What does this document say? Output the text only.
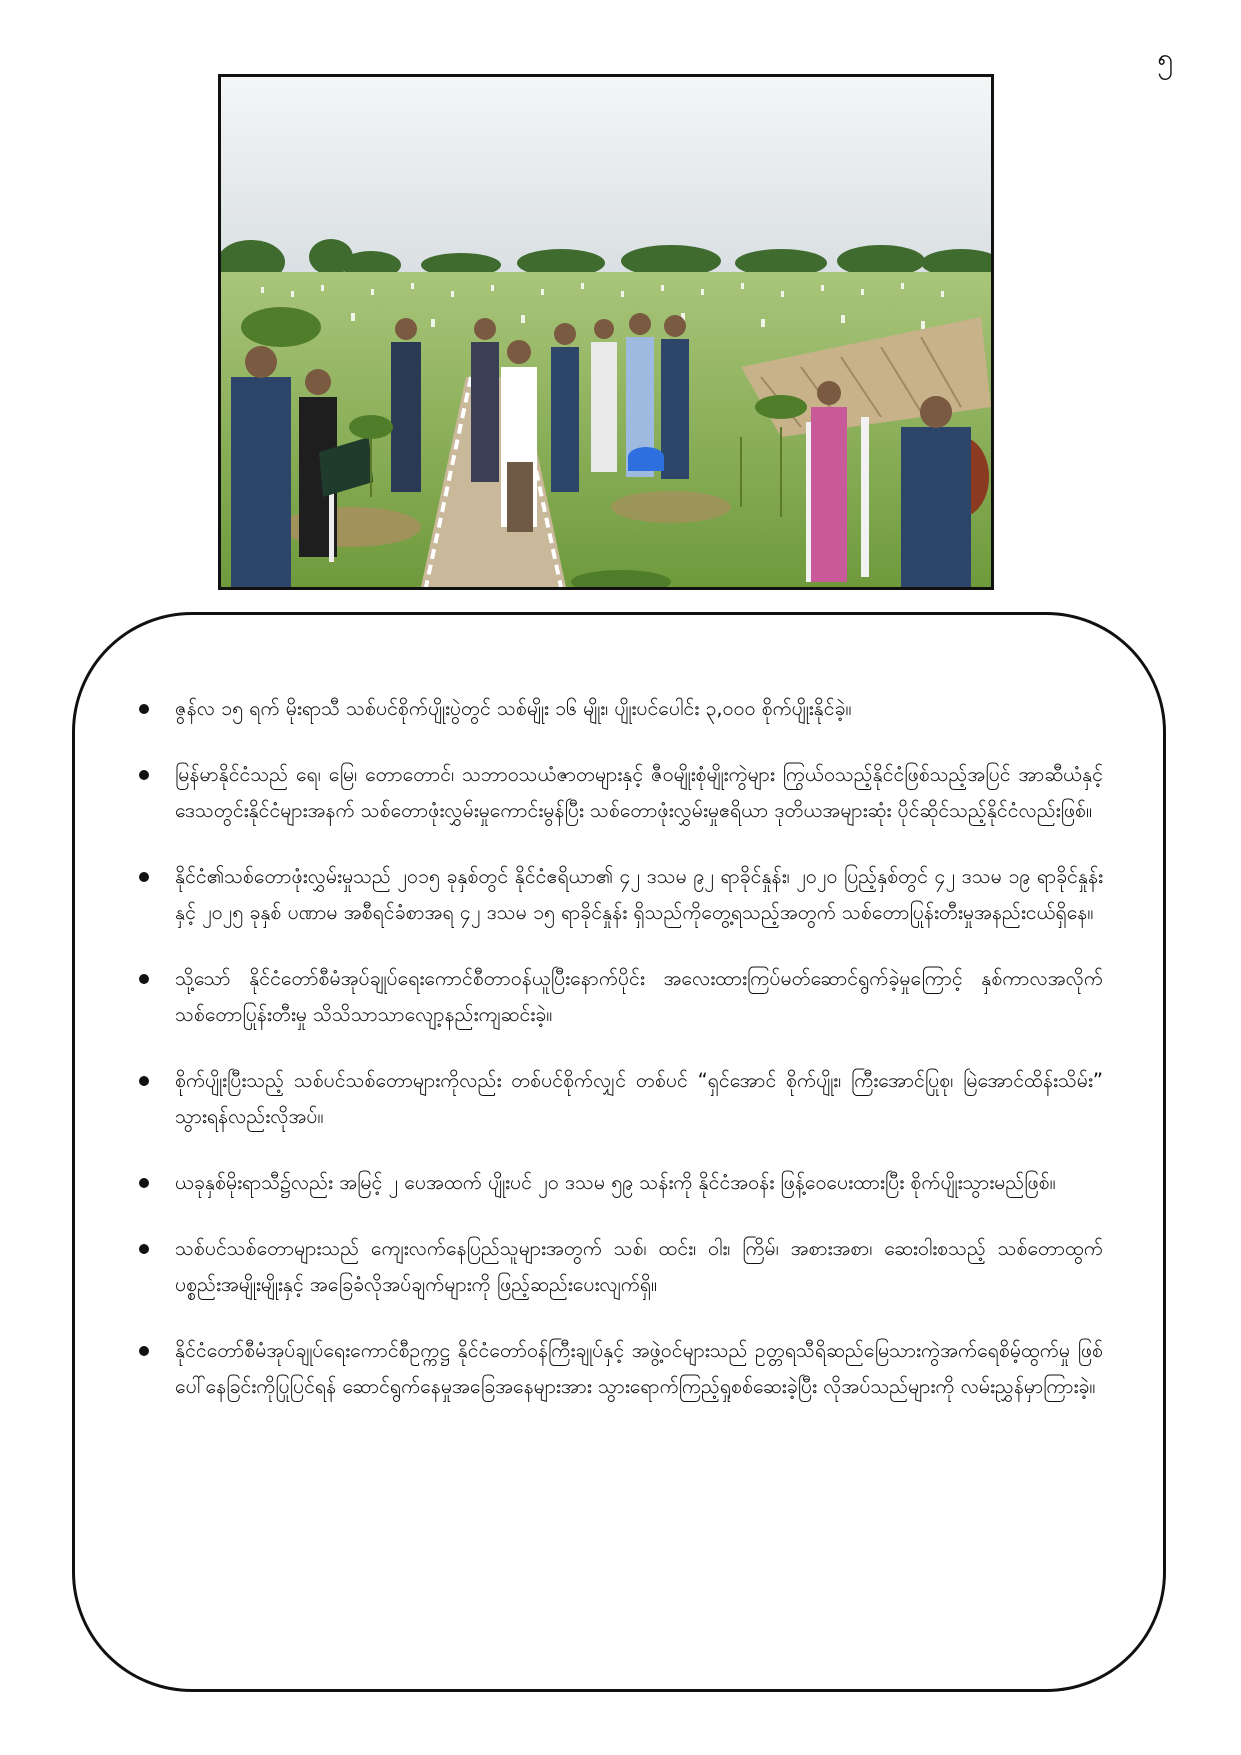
၅
ဇွန်လ ၁၅ ရက် မိုးရာသီ သစ်ပင်စိုက်ပျိုးပွဲတွင် သစ်မျိုး ၁၆ မျိုး၊ ပျိုးပင်ပေါင်း ၃,၀၀၀ စိုက်ပျိုးနိုင်ခဲ့။
မြန်မာနိုင်ငံသည် ရေ၊ မြေ၊ တောတောင်၊ သဘာဝသယံဇာတများနှင့် ဇီဝမျိုးစုံမျိုးကွဲများ ကြွယ်ဝသည့်နိုင်ငံဖြစ်သည့်အပြင် အာဆီယံနှင့်ဒေသတွင်းနိုင်ငံများအနက် သစ်တောဖုံးလွှမ်းမှုကောင်းမွန်ပြီး သစ်တောဖုံးလွှမ်းမှုဧရိယာ ဒုတိယအများဆုံး ပိုင်ဆိုင်သည့်နိုင်ငံလည်းဖြစ်။
နိုင်ငံ၏သစ်တောဖုံးလွှမ်းမှုသည် ၂၀၁၅ ခုနှစ်တွင် နိုင်ငံဧရိယာ၏ ၄၂ ဒသမ ၉၂ ရာခိုင်နှုန်း၊ ၂၀၂၀ ပြည့်နှစ်တွင် ၄၂ ဒသမ ၁၉ ရာခိုင်နှုန်းနှင့် ၂၀၂၅ ခုနှစ် ပဏာမ အစီရင်ခံစာအရ ၄၂ ဒသမ ၁၅ ရာခိုင်နှုန်း ရှိသည်ကိုတွေ့ရသည့်အတွက် သစ်တောပြုန်းတီးမှုအနည်းငယ်ရှိနေ။
သို့သော် နိုင်ငံတော်စီမံအုပ်ချုပ်ရေးကောင်စီတာဝန်ယူပြီးနောက်ပိုင်း အလေးထားကြပ်မတ်ဆောင်ရွက်ခဲ့မှုကြောင့် နှစ်ကာလအလိုက် သစ်တောပြုန်းတီးမှု သိသိသာသာလျော့နည်းကျဆင်းခဲ့။
စိုက်ပျိုးပြီးသည့် သစ်ပင်သစ်တောများကိုလည်း တစ်ပင်စိုက်လျှင် တစ်ပင် “ရှင်အောင် စိုက်ပျိုး၊ ကြီးအောင်ပြုစု၊ မြဲအောင်ထိန်းသိမ်း” သွားရန်လည်းလိုအပ်။
ယခုနှစ်မိုးရာသီ၌လည်း အမြင့် ၂ ပေအထက် ပျိုးပင် ၂၀ ဒသမ ၅၉ သန်းကို နိုင်ငံအဝန်း ဖြန့်ဝေပေးထားပြီး စိုက်ပျိုးသွားမည်ဖြစ်။
သစ်ပင်သစ်တောများသည် ကျေးလက်နေပြည်သူများအတွက် သစ်၊ ထင်း၊ ဝါး၊ ကြိမ်၊ အစားအစာ၊ ဆေးဝါးစသည့် သစ်တောထွက်ပစ္စည်းအမျိုးမျိုးနှင့် အခြေခံလိုအပ်ချက်များကို ဖြည့်ဆည်းပေးလျက်ရှိ။
နိုင်ငံတော်စီမံအုပ်ချုပ်ရေးကောင်စီဥက္ကဋ္ဌ နိုင်ငံတော်ဝန်ကြီးချုပ်နှင့် အဖွဲ့ဝင်များသည် ဥတ္တရသီရိဆည်မြေသားကွဲအက်ရေစိမ့်ထွက်မှု ဖြစ်ပေါ်နေခြင်းကိုပြုပြင်ရန် ဆောင်ရွက်နေမှုအခြေအနေများအား သွားရောက်ကြည့်ရှုစစ်ဆေးခဲ့ပြီး လိုအပ်သည်များကို လမ်းညွှန်မှာကြားခဲ့။
